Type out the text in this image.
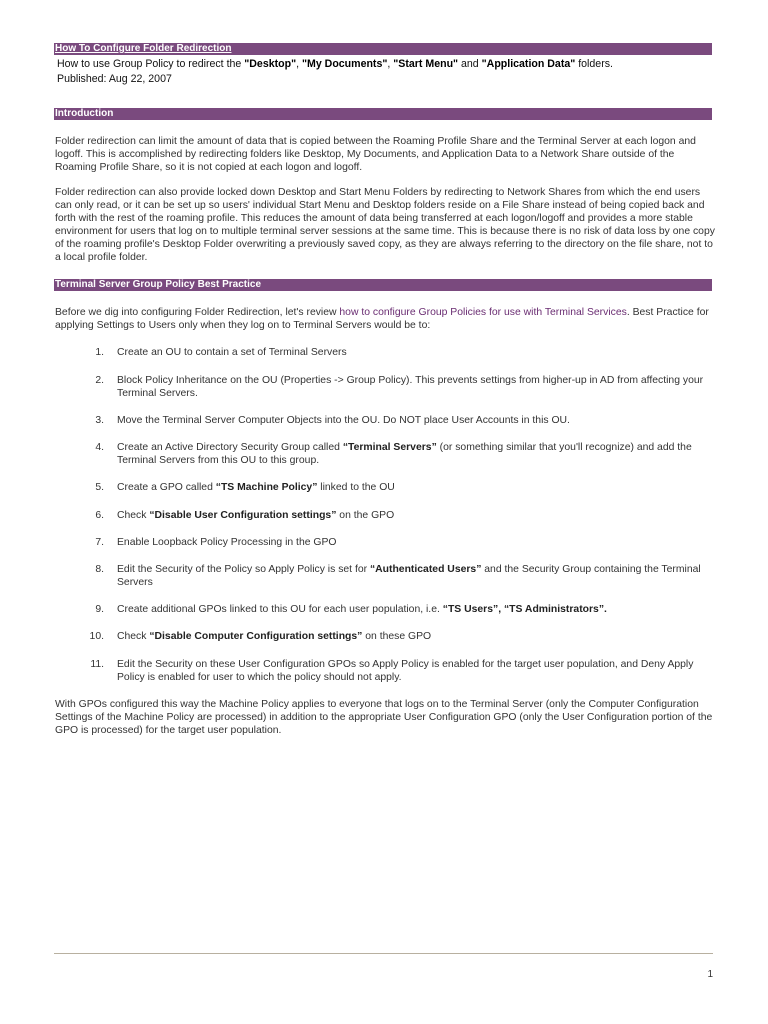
How To Configure Folder Redirection
How to use Group Policy to redirect the "Desktop", "My Documents", "Start Menu" and "Application Data" folders.
Published: Aug 22, 2007
Introduction
Folder redirection can limit the amount of data that is copied between the Roaming Profile Share and the Terminal Server at each logon and logoff. This is accomplished by redirecting folders like Desktop, My Documents, and Application Data to a Network Share outside of the Roaming Profile Share, so it is not copied at each logon and logoff.
Folder redirection can also provide locked down Desktop and Start Menu Folders by redirecting to Network Shares from which the end users can only read, or it can be set up so users' individual Start Menu and Desktop folders reside on a File Share instead of being copied back and forth with the rest of the roaming profile. This reduces the amount of data being transferred at each logon/logoff and provides a more stable environment for users that log on to multiple terminal server sessions at the same time. This is because there is no risk of data loss by one copy of the roaming profile's Desktop Folder overwriting a previously saved copy, as they are always referring to the directory on the file share, not to a local profile folder.
Terminal Server Group Policy Best Practice
Before we dig into configuring Folder Redirection, let's review how to configure Group Policies for use with Terminal Services. Best Practice for applying Settings to Users only when they log on to Terminal Servers would be to:
1. Create an OU to contain a set of Terminal Servers
2. Block Policy Inheritance on the OU (Properties -> Group Policy). This prevents settings from higher-up in AD from affecting your Terminal Servers.
3. Move the Terminal Server Computer Objects into the OU. Do NOT place User Accounts in this OU.
4. Create an Active Directory Security Group called “Terminal Servers” (or something similar that you'll recognize) and add the Terminal Servers from this OU to this group.
5. Create a GPO called “TS Machine Policy” linked to the OU
6. Check “Disable User Configuration settings” on the GPO
7. Enable Loopback Policy Processing in the GPO
8. Edit the Security of the Policy so Apply Policy is set for “Authenticated Users” and the Security Group containing the Terminal Servers
9. Create additional GPOs linked to this OU for each user population, i.e. “TS Users”, “TS Administrators”.
10. Check “Disable Computer Configuration settings” on these GPO
11. Edit the Security on these User Configuration GPOs so Apply Policy is enabled for the target user population, and Deny Apply Policy is enabled for user to which the policy should not apply.
With GPOs configured this way the Machine Policy applies to everyone that logs on to the Terminal Server (only the Computer Configuration Settings of the Machine Policy are processed) in addition to the appropriate User Configuration GPO (only the User Configuration portion of the GPO is processed) for the target user population.
1
